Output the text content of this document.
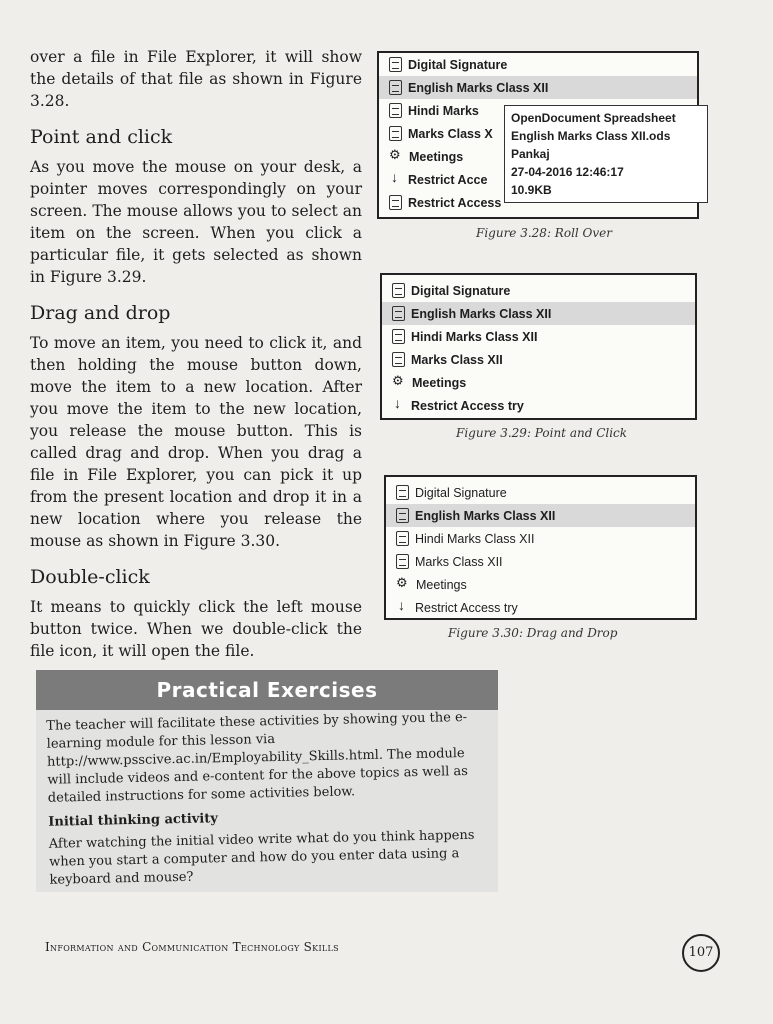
over a file in File Explorer, it will show the details of that file as shown in Figure 3.28.

Point and click

As you move the mouse on your desk, a pointer moves correspondingly on your screen. The mouse allows you to select an item on the screen. When you click a particular file, it gets selected as shown in Figure 3.29.

Drag and drop

To move an item, you need to click it, and then holding the mouse button down, move the item to a new location. After you move the item to the new location, you release the mouse button. This is called drag and drop. When you drag a file in File Explorer, you can pick it up from the present location and drop it in a new location where you release the mouse as shown in Figure 3.30.

Double-click

It means to quickly click the left mouse button twice. When we double-click the file icon, it will open the file.

Digital Signature
English Marks Class XII
Hindi Marks
Marks Class X
⚙
Meetings
↓
Restrict Acce
Restrict Access
OpenDocument Spreadsheet
English Marks Class XII.ods
Pankaj
27-04-2016 12:46:17
10.9KB
Figure 3.28: Roll Over
Digital Signature
English Marks Class XII
Hindi Marks Class XII
Marks Class XII
⚙
Meetings
↓
Restrict Access try
Figure 3.29: Point and Click
Digital Signature
English Marks Class XII
Hindi Marks Class XII
Marks Class XII
⚙
Meetings
↓
Restrict Access try
Figure 3.30: Drag and Drop
Practical Exercises

The teacher will facilitate these activities by showing you the e-learning module for this lesson via http://www.psscive.ac.in/Employability_Skills.html. The module will include videos and e-content for the above topics as well as detailed instructions for some activities below.

Initial thinking activity

After watching the initial video write what do you think happens when you start a computer and how do you enter data using a keyboard and mouse?

Information and Communication Technology Skills	107
